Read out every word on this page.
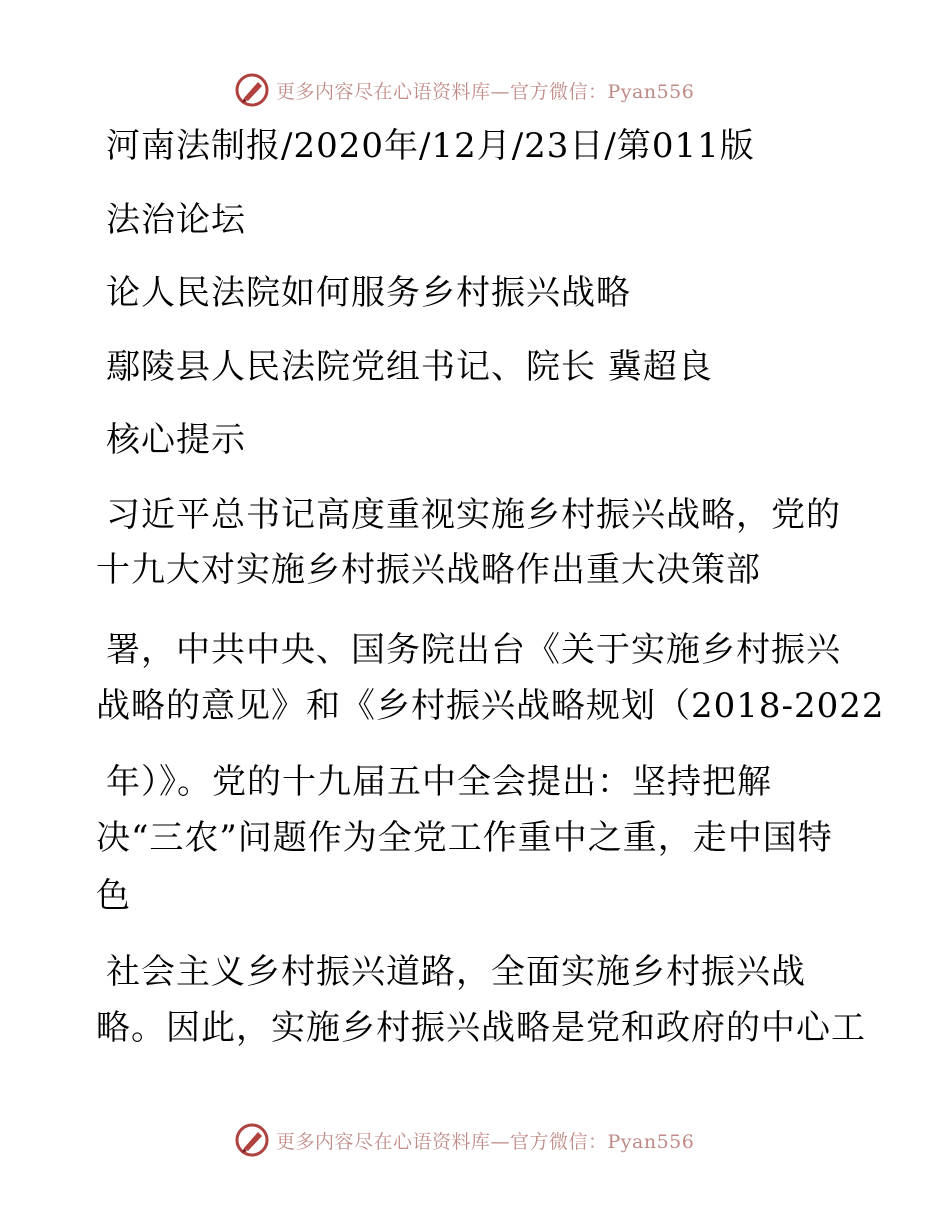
更多内容尽在心语资料库—官方微信：Pyan556
河南法制报/2020年/12月/23日/第011版
法治论坛
论人民法院如何服务乡村振兴战略
鄢陵县人民法院党组书记、院长 冀超良
核心提示
习近平总书记高度重视实施乡村振兴战略，党的
十九大对实施乡村振兴战略作出重大决策部
署，中共中央、国务院出台《关于实施乡村振兴
战略的意见》和《乡村振兴战略规划（2018-2022
年）》。党的十九届五中全会提出：坚持把解
决“三农”问题作为全党工作重中之重，走中国特
色
社会主义乡村振兴道路，全面实施乡村振兴战
略。因此，实施乡村振兴战略是党和政府的中心工
更多内容尽在心语资料库—官方微信：Pyan556
